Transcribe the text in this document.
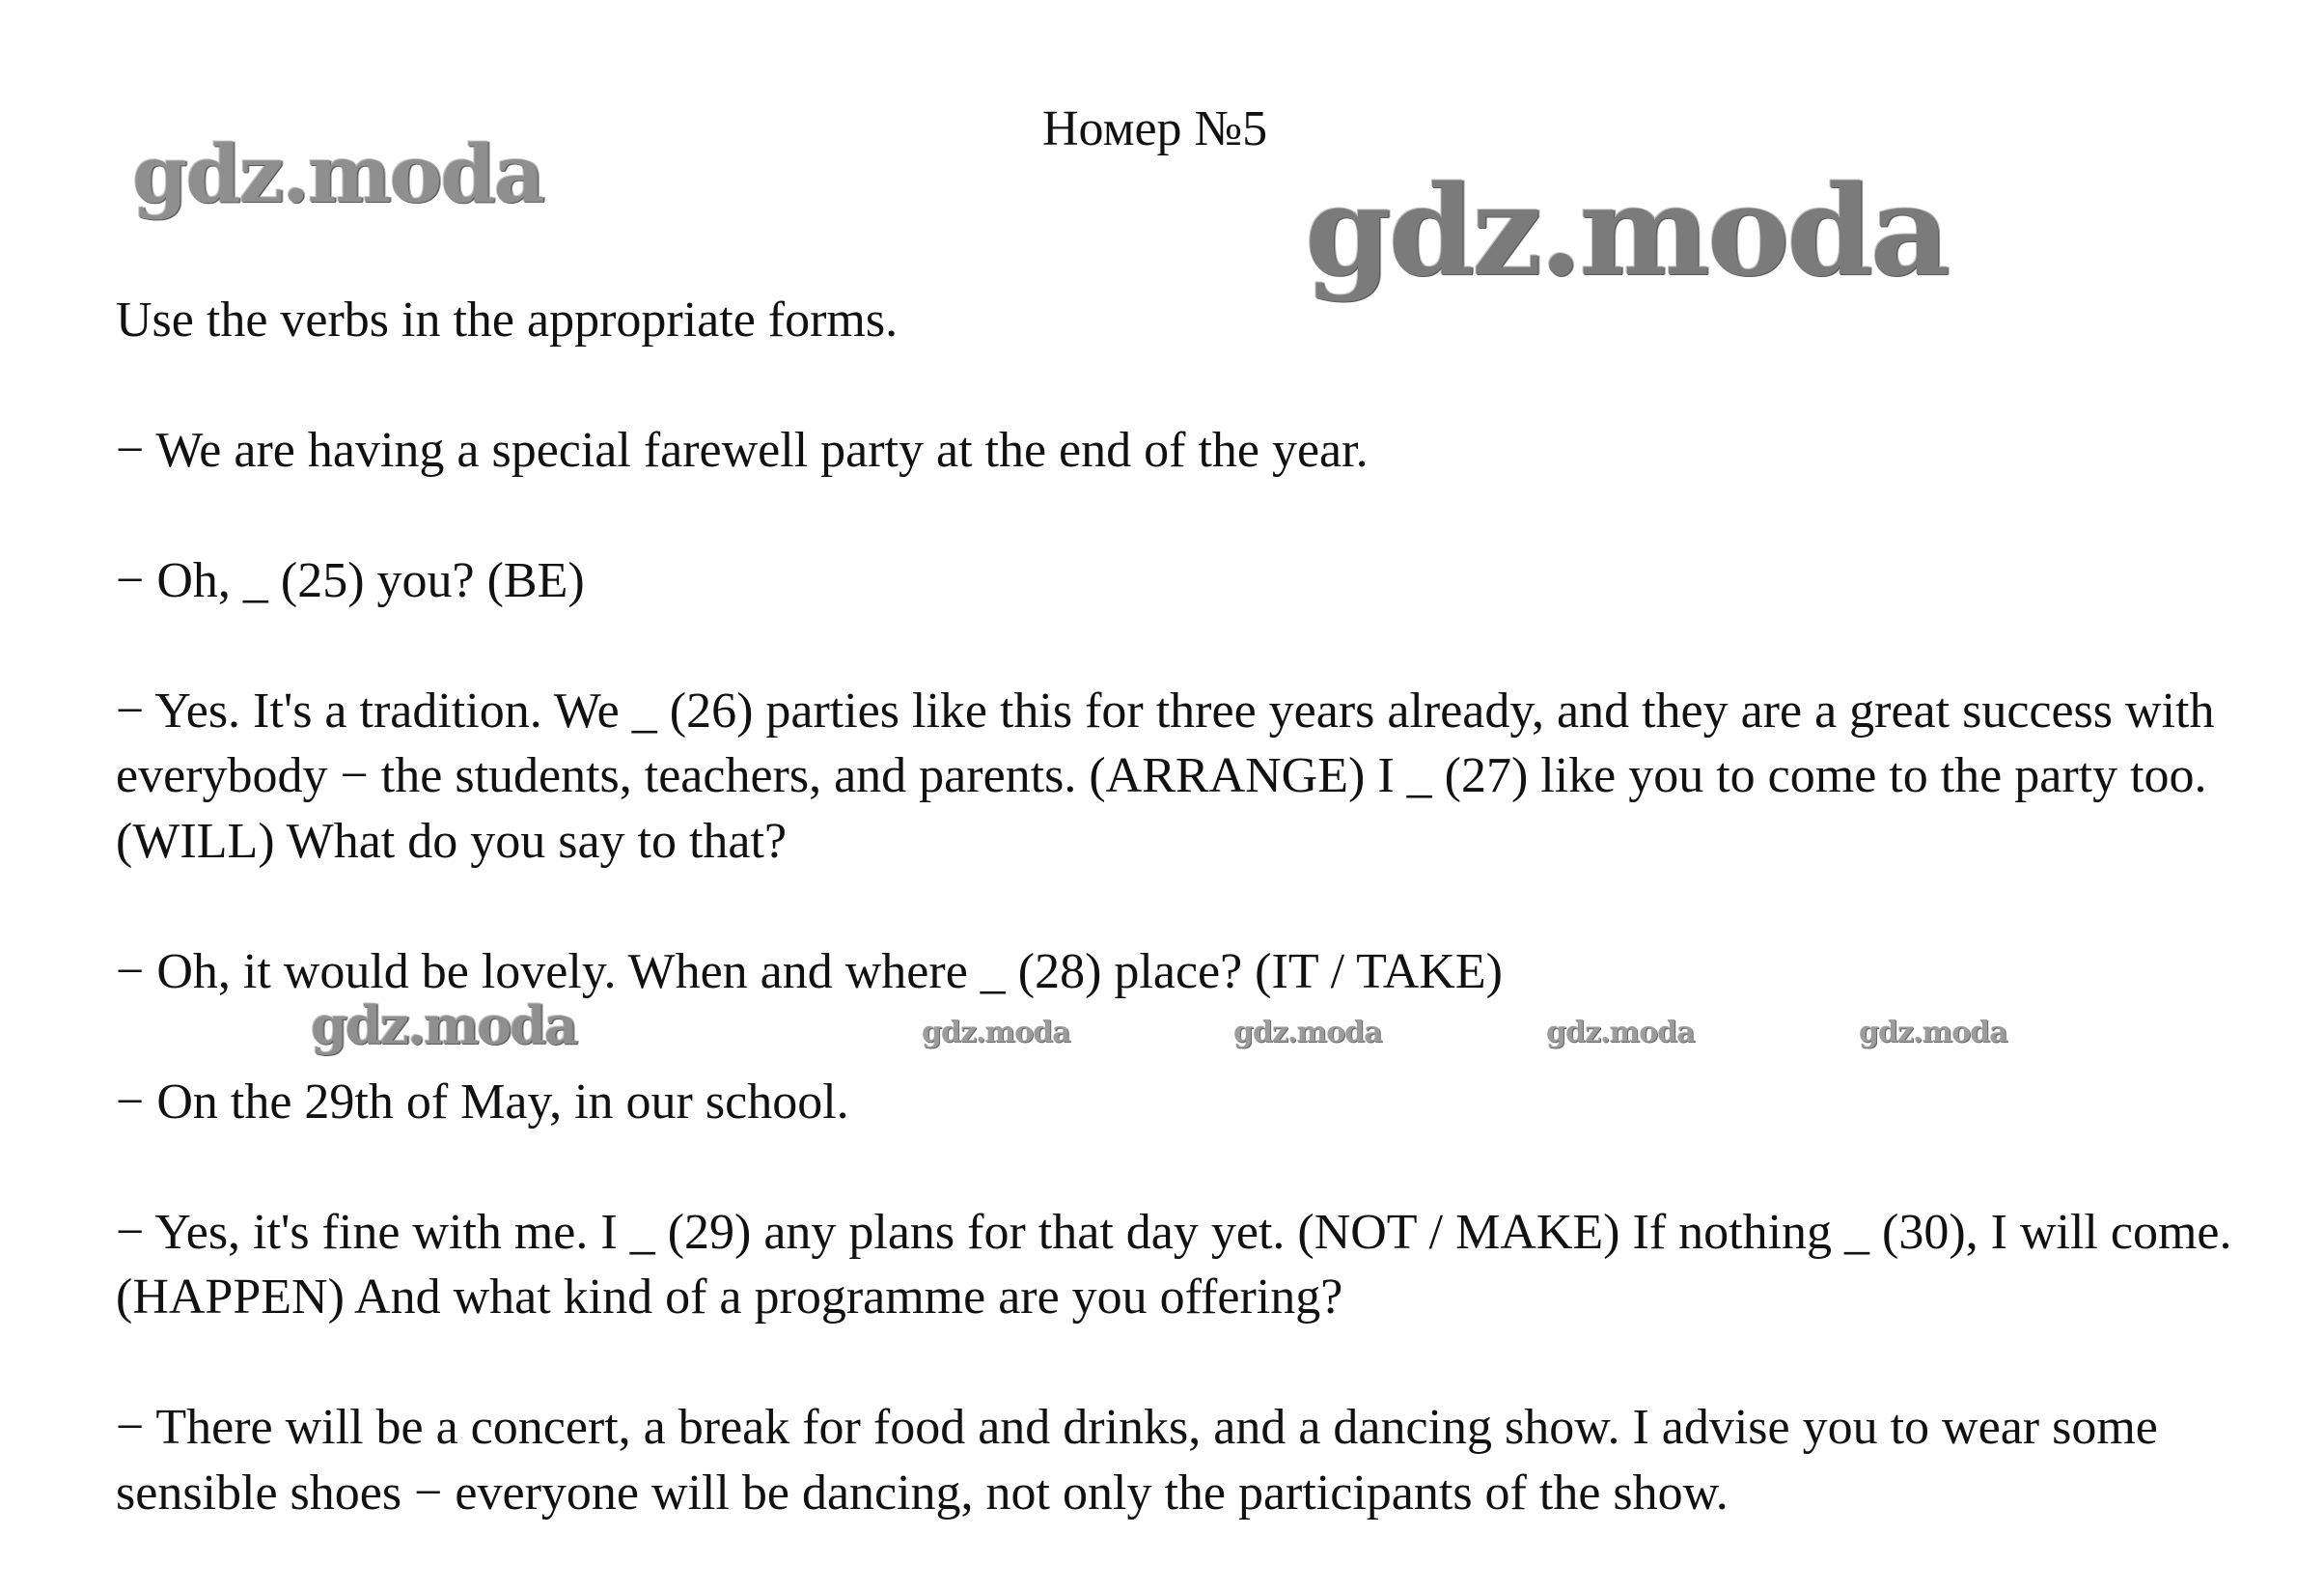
Номер №5

Use the verbs in the appropriate forms.

− We are having a special farewell party at the end of the year.

− Oh, _ (25) you? (BE)

− Yes. It's a tradition. We _ (26) parties like this for three years already, and they are a great success with everybody − the students, teachers, and parents. (ARRANGE) I _ (27) like you to come to the party too. (WILL) What do you say to that?

− Oh, it would be lovely. When and where _ (28) place? (IT / TAKE)

− On the 29th of May, in our school.

− Yes, it's fine with me. I _ (29) any plans for that day yet. (NOT / MAKE) If nothing _ (30), I will come. (HAPPEN) And what kind of a programme are you offering?

− There will be a concert, a break for food and drinks, and a dancing show. I advise you to wear some sensible shoes − everyone will be dancing, not only the participants of the show.

gdz.moda	gdz.moda
gdz.moda	gdz.moda	gdz.moda	gdz.moda	gdz.moda
